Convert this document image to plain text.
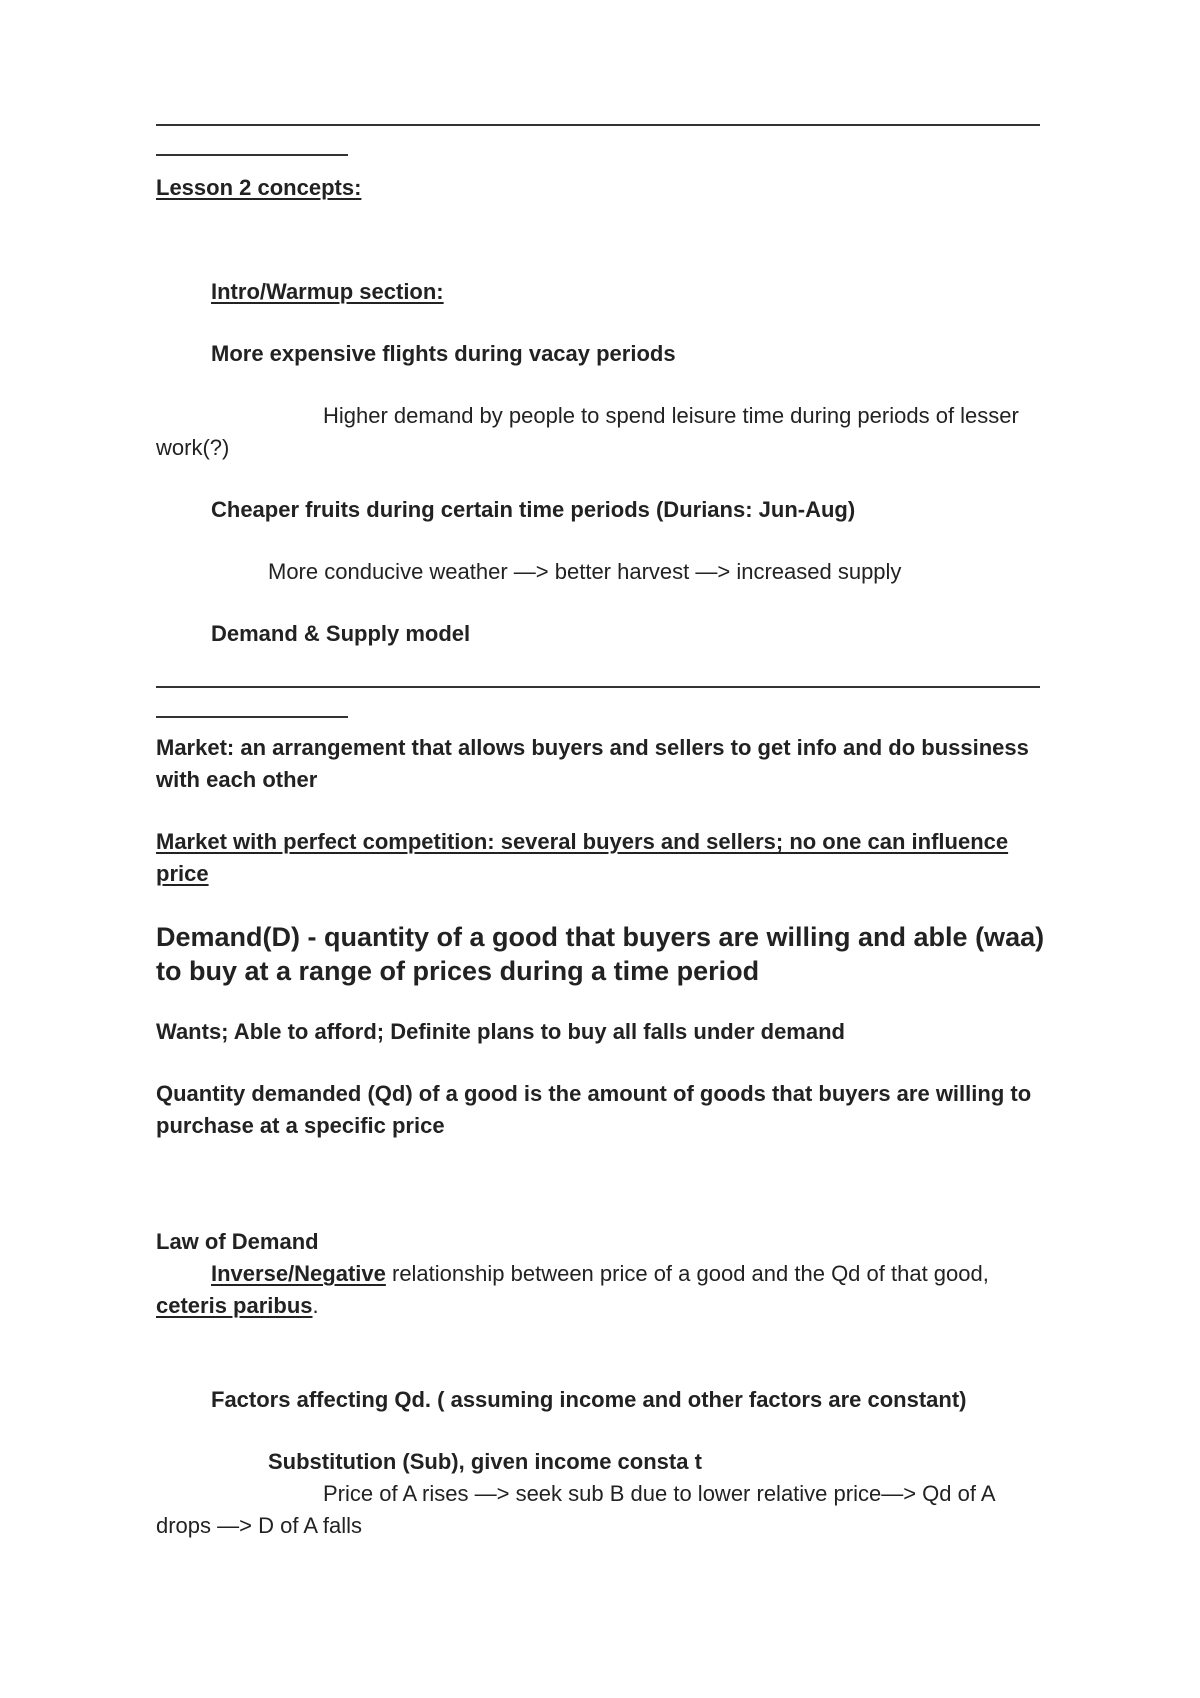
Lesson 2 concepts:

Intro/Warmup section:

More expensive flights during vacay periods

Higher demand by people to spend leisure time during periods of lesser work(?)

Cheaper fruits during certain time periods (Durians: Jun-Aug)

More conducive weather —> better harvest —> increased supply

Demand & Supply model

Market: an arrangement that allows buyers and sellers to get info and do bussiness with each other

Market with perfect competition: several buyers and sellers; no one can influence price

Demand(D) - quantity of a good that buyers are willing and able (waa) to buy at a range of prices during a time period

Wants; Able to afford; Definite plans to buy all falls under demand

Quantity demanded (Qd) of a good is the amount of goods that buyers are willing to purchase at a specific price

Law of Demand

Inverse/Negative relationship between price of a good and the Qd of that good, ceteris paribus.

Factors affecting Qd. ( assuming income and other factors are constant)

Substitution (Sub), given income consta t

Price of A rises —> seek sub B due to lower relative price—> Qd of A drops —> D of A falls
